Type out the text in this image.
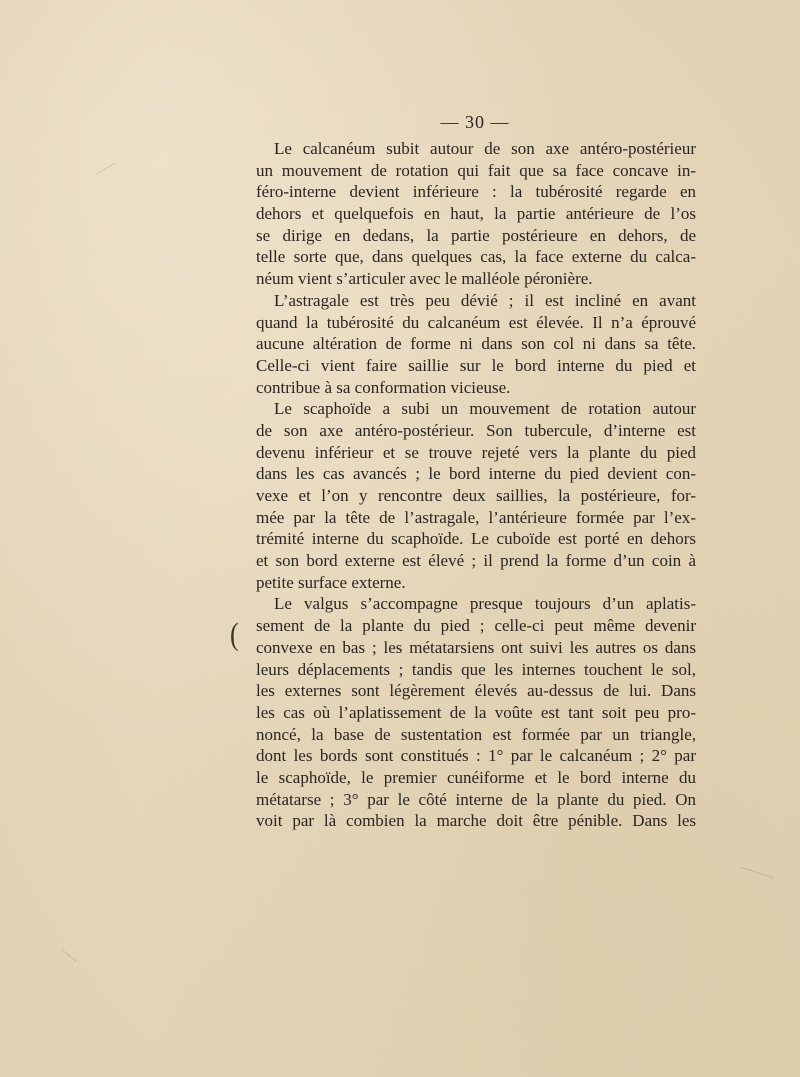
— 30 —
(
Le calcanéum subit autour de son axe antéro-postérieur
un mouvement de rotation qui fait que sa face concave in-
féro-interne devient inférieure : la tubérosité regarde en
dehors et quelquefois en haut, la partie antérieure de l’os
se dirige en dedans, la partie postérieure en dehors, de
telle sorte que, dans quelques cas, la face externe du calca-
néum vient s’articuler avec le malléole péronière.
L’astragale est très peu dévié ; il est incliné en avant
quand la tubérosité du calcanéum est élevée. Il n’a éprouvé
aucune altération de forme ni dans son col ni dans sa tête.
Celle-ci vient faire saillie sur le bord interne du pied et
contribue à sa conformation vicieuse.
Le scaphoïde a subi un mouvement de rotation autour
de son axe antéro-postérieur. Son tubercule, d’interne est
devenu inférieur et se trouve rejeté vers la plante du pied
dans les cas avancés ; le bord interne du pied devient con-
vexe et l’on y rencontre deux saillies, la postérieure, for-
mée par la tête de l’astragale, l’antérieure formée par l’ex-
trémité interne du scaphoïde. Le cuboïde est porté en dehors
et son bord externe est élevé ; il prend la forme d’un coin à
petite surface externe.
Le valgus s’accompagne presque toujours d’un aplatis-
sement de la plante du pied ; celle-ci peut même devenir
convexe en bas ; les métatarsiens ont suivi les autres os dans
leurs déplacements ; tandis que les internes touchent le sol,
les externes sont légèrement élevés au-dessus de lui. Dans
les cas où l’aplatissement de la voûte est tant soit peu pro-
noncé, la base de sustentation est formée par un triangle,
dont les bords sont constitués : 1° par le calcanéum ; 2° par
le scaphoïde, le premier cunéiforme et le bord interne du
métatarse ; 3° par le côté interne de la plante du pied. On
voit par là combien la marche doit être pénible. Dans les
